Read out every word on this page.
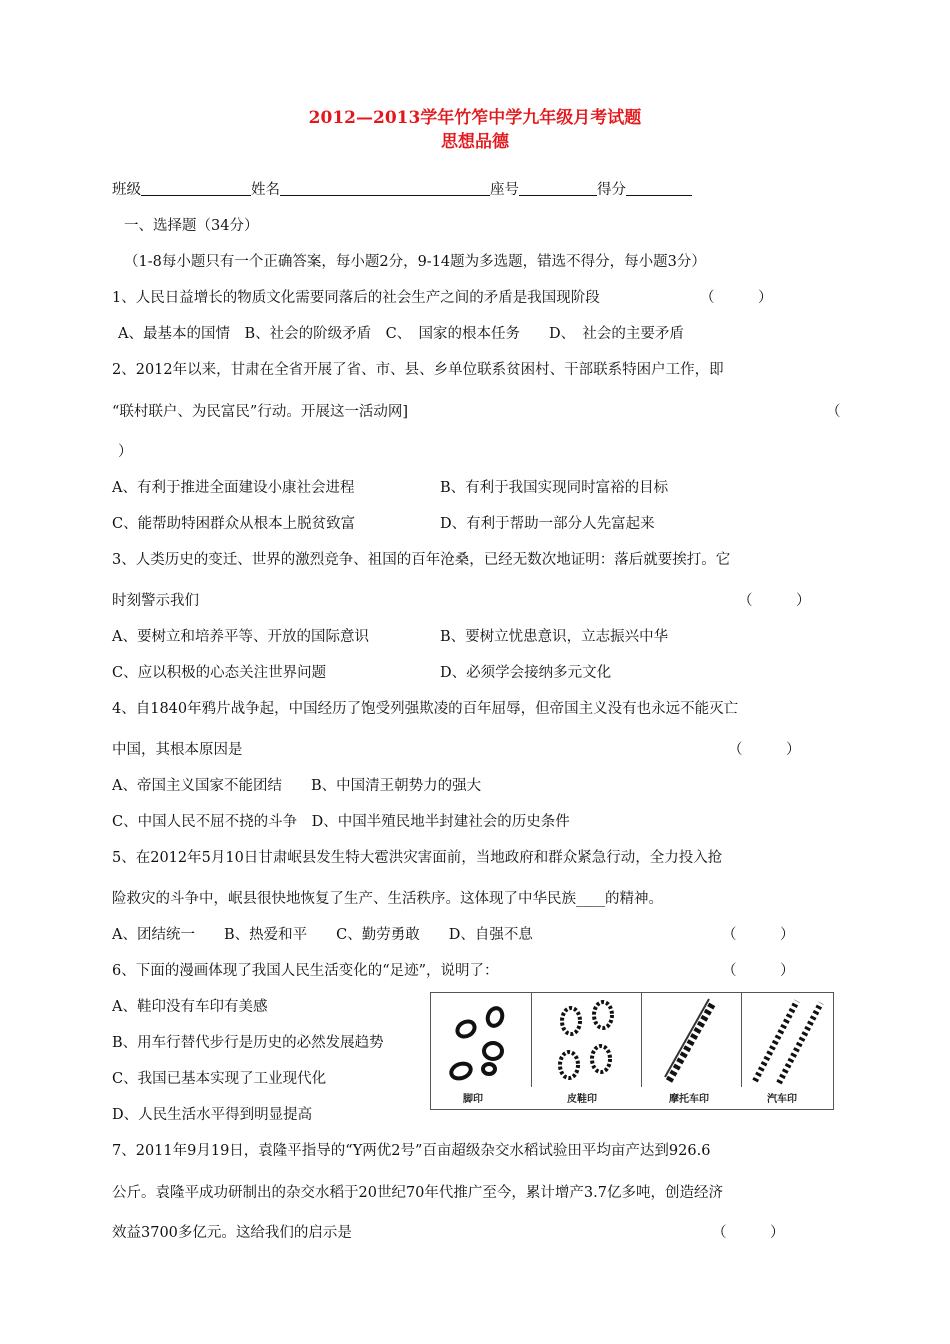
2012—2013学年竹笮中学九年级月考试题
思想品德
班级	姓名	座号	得分
一、选择题（34分）
（1-8每小题只有一个正确答案，每小题2分，9-14题为多选题，错选不得分，每小题3分）
1、人民日益增长的物质文化需要同落后的社会生产之间的矛盾是我国现阶段	（　　　）
A、最基本的国情　B、社会的阶级矛盾　C、　国家的根本任务　　D、　社会的主要矛盾
2、2012年以来，甘肃在全省开展了省、市、县、乡单位联系贫困村、干部联系特困户工作，即
“联村联户、为民富民”行动。开展这一活动网]	（
）
A、有利于推进全面建设小康社会进程	B、有利于我国实现同时富裕的目标
C、能帮助特困群众从根本上脱贫致富	D、有利于帮助一部分人先富起来
3、人类历史的变迁、世界的激烈竞争、祖国的百年沧桑，已经无数次地证明：落后就要挨打。它
时刻警示我们	（　　　）
A、要树立和培养平等、开放的国际意识	B、要树立忧患意识，立志振兴中华
C、应以积极的心态关注世界问题	D、必须学会接纳多元文化
4、自1840年鸦片战争起，中国经历了饱受列强欺凌的百年屈辱，但帝国主义没有也永远不能灭亡
中国，其根本原因是	（　　　）
A、帝国主义国家不能团结　　B、中国清王朝势力的强大
C、中国人民不屈不挠的斗争　D、中国半殖民地半封建社会的历史条件
5、在2012年5月10日甘肃岷县发生特大雹洪灾害面前，当地政府和群众紧急行动，全力投入抢
险救灾的斗争中，岷县很快地恢复了生产、生活秩序。这体现了中华民族____的精神。
A、团结统一　　B、热爱和平　　C、勤劳勇敢　　D、自强不息	（　　　）
6、下面的漫画体现了我国人民生活变化的“足迹”，说明了：	（　　　）
A、鞋印没有车印有美感
B、用车行替代步行是历史的必然发展趋势
C、我国已基本实现了工业现代化
D、人民生活水平得到明显提高
脚印	皮鞋印	摩托车印	汽车印
7、2011年9月19日，袁隆平指导的“Y两优2号”百亩超级杂交水稻试验田平均亩产达到926.6
公斤。袁隆平成功研制出的杂交水稻于20世纪70年代推广至今，累计增产3.7亿多吨，创造经济
效益3700多亿元。这给我们的启示是	（　　　）
